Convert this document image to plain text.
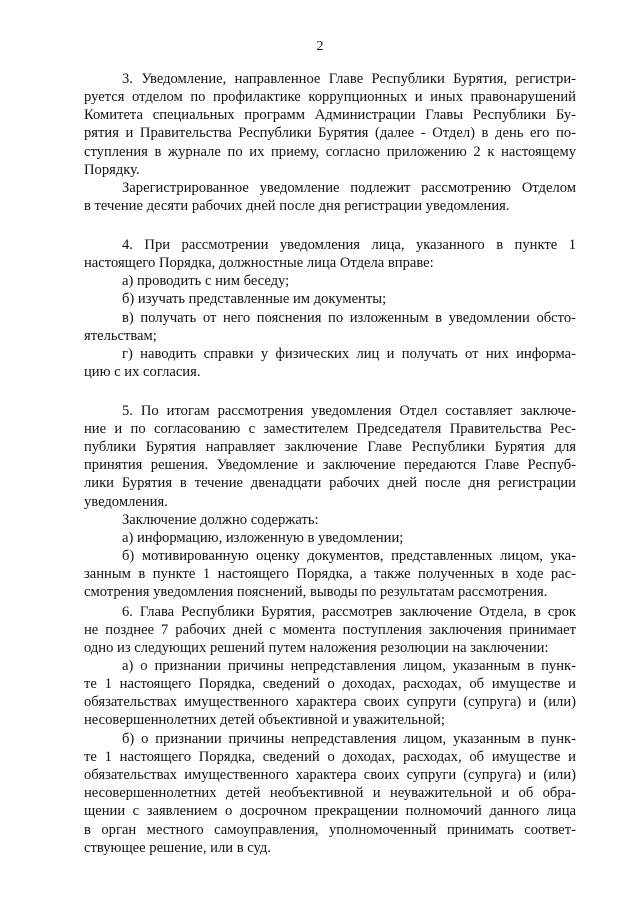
2
3. Уведомление, направленное Главе Республики Бурятия, регистри-
руется отделом по профилактике коррупционных и иных правонарушений
Комитета специальных программ Администрации Главы Республики Бу-
рятия и Правительства Республики Бурятия (далее - Отдел) в день его по-
ступления в журнале по их приему, согласно приложению 2 к настоящему
Порядку.
Зарегистрированное уведомление подлежит рассмотрению Отделом
в течение десяти рабочих дней после дня регистрации уведомления.
4. При рассмотрении уведомления лица, указанного в пункте 1
настоящего Порядка, должностные лица Отдела вправе:
а) проводить с ним беседу;
б) изучать представленные им документы;
в) получать от него пояснения по изложенным в уведомлении обсто-
ятельствам;
г) наводить справки у физических лиц и получать от них информа-
цию с их согласия.
5. По итогам рассмотрения уведомления Отдел составляет заключе-
ние и по согласованию с заместителем Председателя Правительства Рес-
публики Бурятия направляет заключение Главе Республики Бурятия для
принятия решения. Уведомление и заключение передаются Главе Респуб-
лики Бурятия в течение двенадцати рабочих дней после дня регистрации
уведомления.
Заключение должно содержать:
а) информацию, изложенную в уведомлении;
б) мотивированную оценку документов, представленных лицом, ука-
занным в пункте 1 настоящего Порядка, а также полученных в ходе рас-
смотрения уведомления пояснений, выводы по результатам рассмотрения.
6. Глава Республики Бурятия, рассмотрев заключение Отдела, в срок
не позднее 7 рабочих дней с момента поступления заключения принимает
одно из следующих решений путем наложения резолюции на заключении:
а) о признании причины непредставления лицом, указанным в пунк-
те 1 настоящего Порядка, сведений о доходах, расходах, об имуществе и
обязательствах имущественного характера своих супруги (супруга) и (или)
несовершеннолетних детей объективной и уважительной;
б) о признании причины непредставления лицом, указанным в пунк-
те 1 настоящего Порядка, сведений о доходах, расходах, об имуществе и
обязательствах имущественного характера своих супруги (супруга) и (или)
несовершеннолетних детей необъективной и неуважительной и об обра-
щении с заявлением о досрочном прекращении полномочий данного лица
в орган местного самоуправления, уполномоченный принимать соответ-
ствующее решение, или в суд.
